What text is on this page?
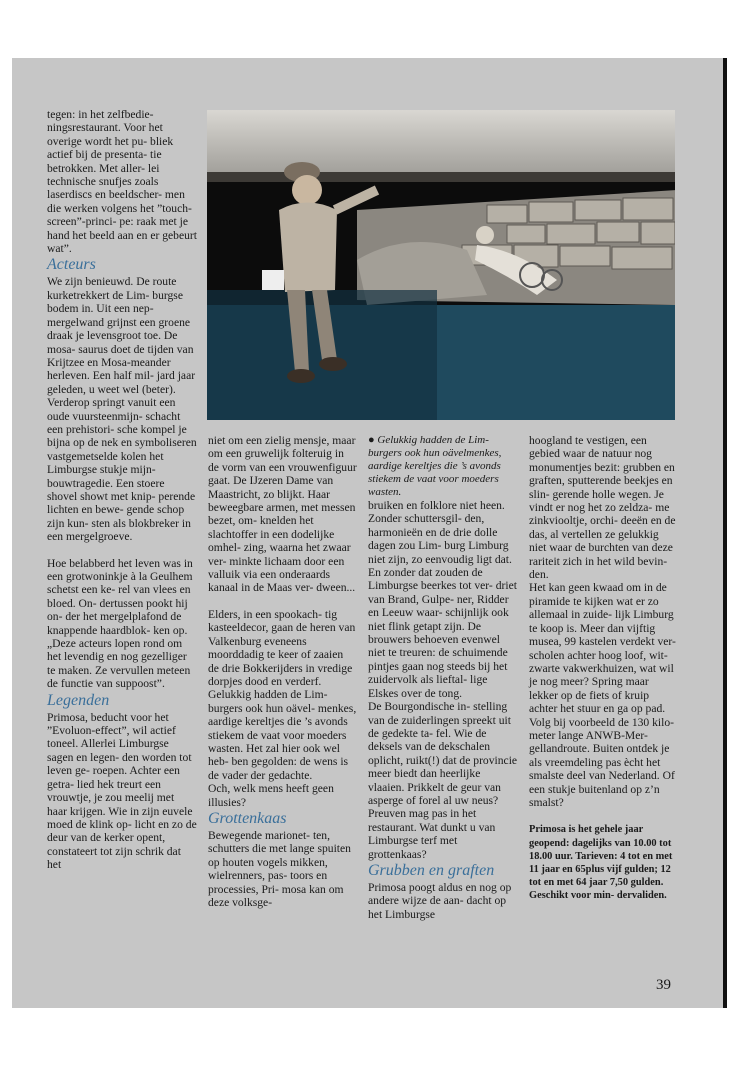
tegen: in het zelfbedie- ningsrestaurant. Voor het overige wordt het pu- bliek actief bij de presenta- tie betrokken. Met aller- lei technische snufjes zoals laserdiscs en beeldscher- men die werken volgens het ”touch-screen”-princi- pe: raak met je hand het beeld aan en er gebeurt wat”.

Acteurs

We zijn benieuwd. De route kurketrekkert de Lim- burgse bodem in. Uit een nep-mergelwand grijnst een groene draak je levensgroot toe. De mosa- saurus doet de tijden van Krijtzee en Mosa-meander herleven. Een half mil- jard jaar geleden, u weet wel (beter).

Verderop springt vanuit een oude vuursteenmijn- schacht een prehistori- sche kompel je bijna op de nek en symboliseren vastgemetselde kolen het Limburgse stukje mijn- bouwtragedie. Een stoere shovel showt met knip- perende lichten en bewe- gende schop zijn kun- sten als blokbreker in een mergelgroeve.

Hoe belabberd het leven was in een grotwoninkje à la Geulhem schetst een ke- rel van vlees en bloed. On- dertussen pookt hij on- der het mergelplafond de knappende haardblok- ken op. „Deze acteurs lopen rond om het levendig en nog gezelliger te maken. Ze vervullen meteen de functie van suppoost”.

Legenden

Primosa, beducht voor het ”Evoluon-effect”, wil actief toneel. Allerlei Limburgse sagen en legen- den worden tot leven ge- roepen. Achter een getra- lied hek treurt een vrouwtje, je zou meelij met haar krijgen. Wie in zijn euvele moed de klink op- licht en zo de deur van de kerker opent, constateert tot zijn schrik dat het

niet om een zielig mensje, maar om een gruwelijk folteruig in de vorm van een vrouwenfiguur gaat. De IJzeren Dame van Maastricht, zo blijkt. Haar beweegbare armen, met messen bezet, om- knelden het slachtoffer in een dodelijke omhel- zing, waarna het zwaar ver- minkte lichaam door een valluik via een onderaards kanaal in de Maas ver- dween...

Elders, in een spookach- tig kasteeldecor, gaan de heren van Valkenburg eveneens moorddadig te keer of zaaien de drie Bokkerijders in vredige dorpjes dood en verderf. Gelukkig hadden de Lim- burgers ook hun oävel- menkes, aardige kereltjes die ’s avonds stiekem de vaat voor moeders wasten. Het zal hier ook wel heb- ben gegolden: de wens is de vader der gedachte.

Och, welk mens heeft geen illusies?

Grottenkaas

Bewegende marionet- ten, schutters die met lange spuiten op houten vogels mikken, wielrenners, pas- toors en processies, Pri- mosa kan om deze volksge-

● Gelukkig hadden de Lim- burgers ook hun oävelmenkes, aardige kereltjes die ’s avonds stiekem de vaat voor moeders wasten.

bruiken en folklore niet heen. Zonder schuttersgil- den, harmonieën en de drie dolle dagen zou Lim- burg Limburg niet zijn, zo eenvoudig ligt dat. En zonder dat zouden de Limburgse beerkes tot ver- driet van Brand, Gulpe- ner, Ridder en Leeuw waar- schijnlijk ook niet flink getapt zijn. De brouwers behoeven evenwel niet te treuren: de schuimende pintjes gaan nog steeds bij het zuidervolk als lieftal- lige Elskes over de tong.

De Bourgondische in- stelling van de zuiderlingen spreekt uit de gedekte ta- fel. Wie de deksels van de dekschalen oplicht, ruikt(!) dat de provincie meer biedt dan heerlijke vlaaien. Prikkelt de geur van asperge of forel al uw neus? Preuven mag pas in het restaurant. Wat dunkt u van Limburgse terf met grottenkaas?

Grubben en graften

Primosa poogt aldus en nog op andere wijze de aan- dacht op het Limburgse

hoogland te vestigen, een gebied waar de natuur nog monumentjes bezit: grubben en graften, sputterende beekjes en slin- gerende holle wegen. Je vindt er nog het zo zeldza- me zinkviooltje, orchi- deeën en de das, al vertellen ze gelukkig niet waar de burchten van deze rariteit zich in het wild bevin- den.

Het kan geen kwaad om in de piramide te kijken wat er zo allemaal in zuide- lijk Limburg te koop is. Meer dan vijftig musea, 99 kastelen verdekt ver- scholen achter hoog loof, wit-zwarte vakwerkhuizen, wat wil je nog meer? Spring maar lekker op de fiets of kruip achter het stuur en ga op pad. Volg bij voorbeeld de 130 kilo- meter lange ANWB-Mer- gellandroute. Buiten ontdek je als vreemdeling pas ècht het smalste deel van Nederland. Of een stukje buitenland op z’n smalst?

Primosa is het gehele jaar geopend: dagelijks van 10.00 tot 18.00 uur. Tarieven: 4 tot en met 11 jaar en 65plus vijf gulden; 12 tot en met 64 jaar 7,50 gulden. Geschikt voor min- dervaliden.

39
